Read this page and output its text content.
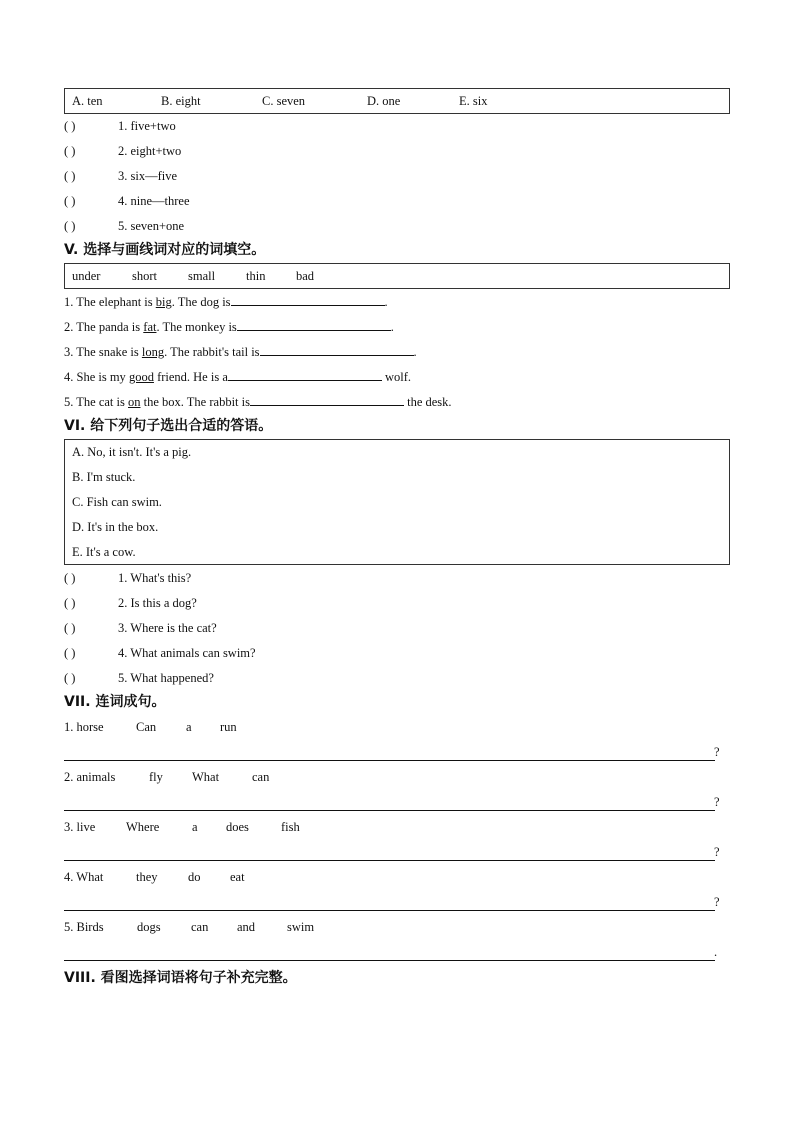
A. ten	B. eight	C. seven	D. one	E. six
( )	1. five+two
( )	2. eight+two
( )	3. six—five
( )	4. nine—three
( )	5. seven+one
V. 选择与画线词对应的词填空。
under	short small thin bad
1. The elephant is big. The dog is	.
2. The panda is fat. The monkey is	.
3. The snake is long. The rabbit's tail is	.
4. She is my good friend. He is a	wolf.
5. The cat is on the box. The rabbit is	the desk.
VI. 给下列句子选出合适的答语。
A. No, it isn't. It's a pig.
B. I'm stuck.
C. Fish can swim.
D. It's in the box.
E. It's a cow.
( )	1. What's this?
( )	2. Is this a dog?
( )	3. Where is the cat?
( )	4. What animals can swim?
( )	5. What happened?
VII. 连词成句。
1. horse	Can a run
?
2. animals	fly What	can
?
3. live Where	a does	fish
?
4. What	they do eat
?
5. Birds	dogs can and	swim
.
VIII. 看图选择词语将句子补充完整。
